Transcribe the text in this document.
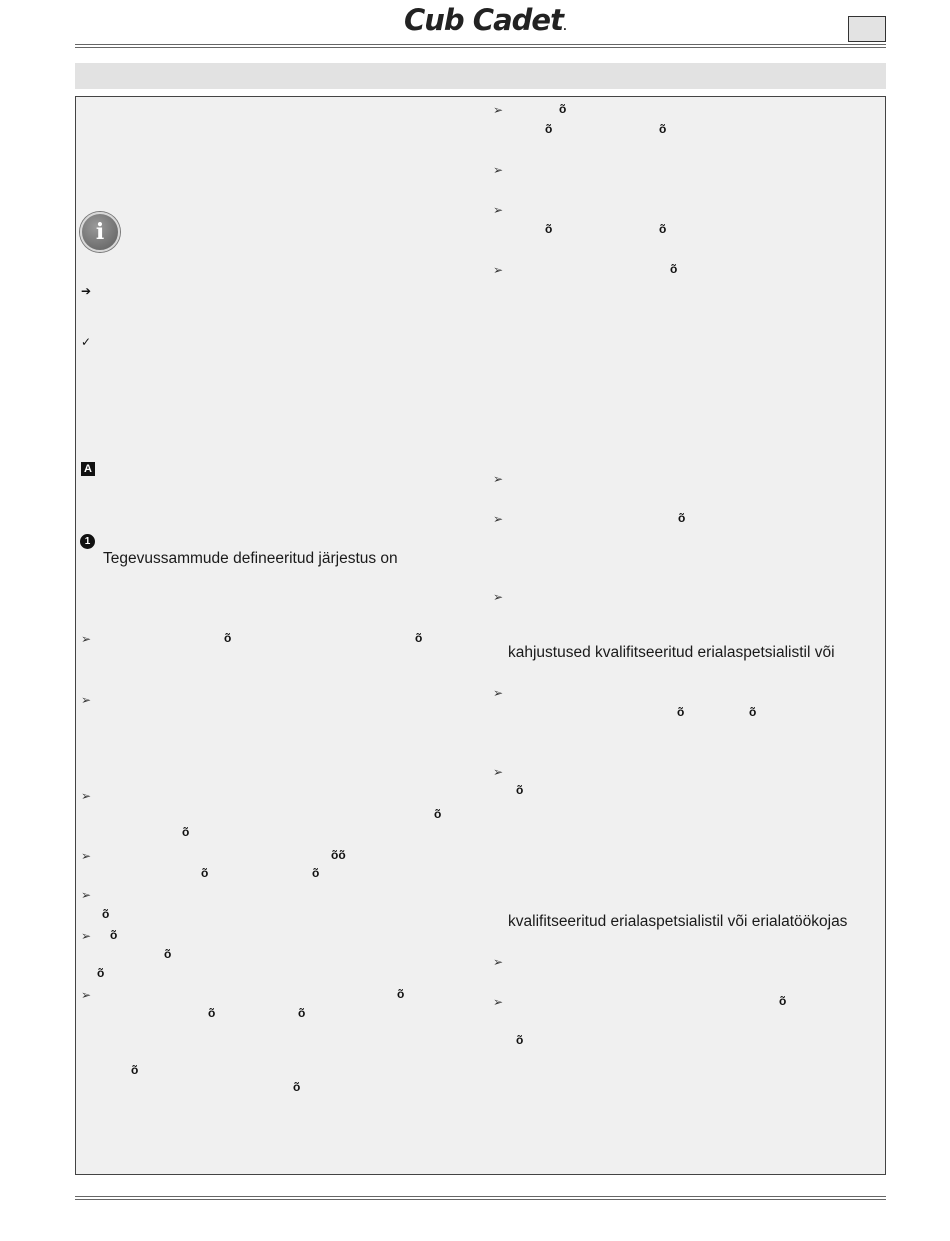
Cub Cadet.
i
➔
✓
A
1
Tegevussammude defineeritud järjestus on
➢	õ	õ
➢
➢
õ
õ
➢	õõ
õ	õ
➢
õ
➢ õ
õ
õ
➢	õ
õ	õ
õ
õ
➢	õ
õ	õ
➢
➢
õ	õ
➢	õ
➢
➢	õ
➢
kahjustused kvalifitseeritud erialaspetsialistil või
➢
õ	õ
➢
õ
kvalifitseeritud erialaspetsialistil või erialatöökojas
➢
➢	õ
õ
